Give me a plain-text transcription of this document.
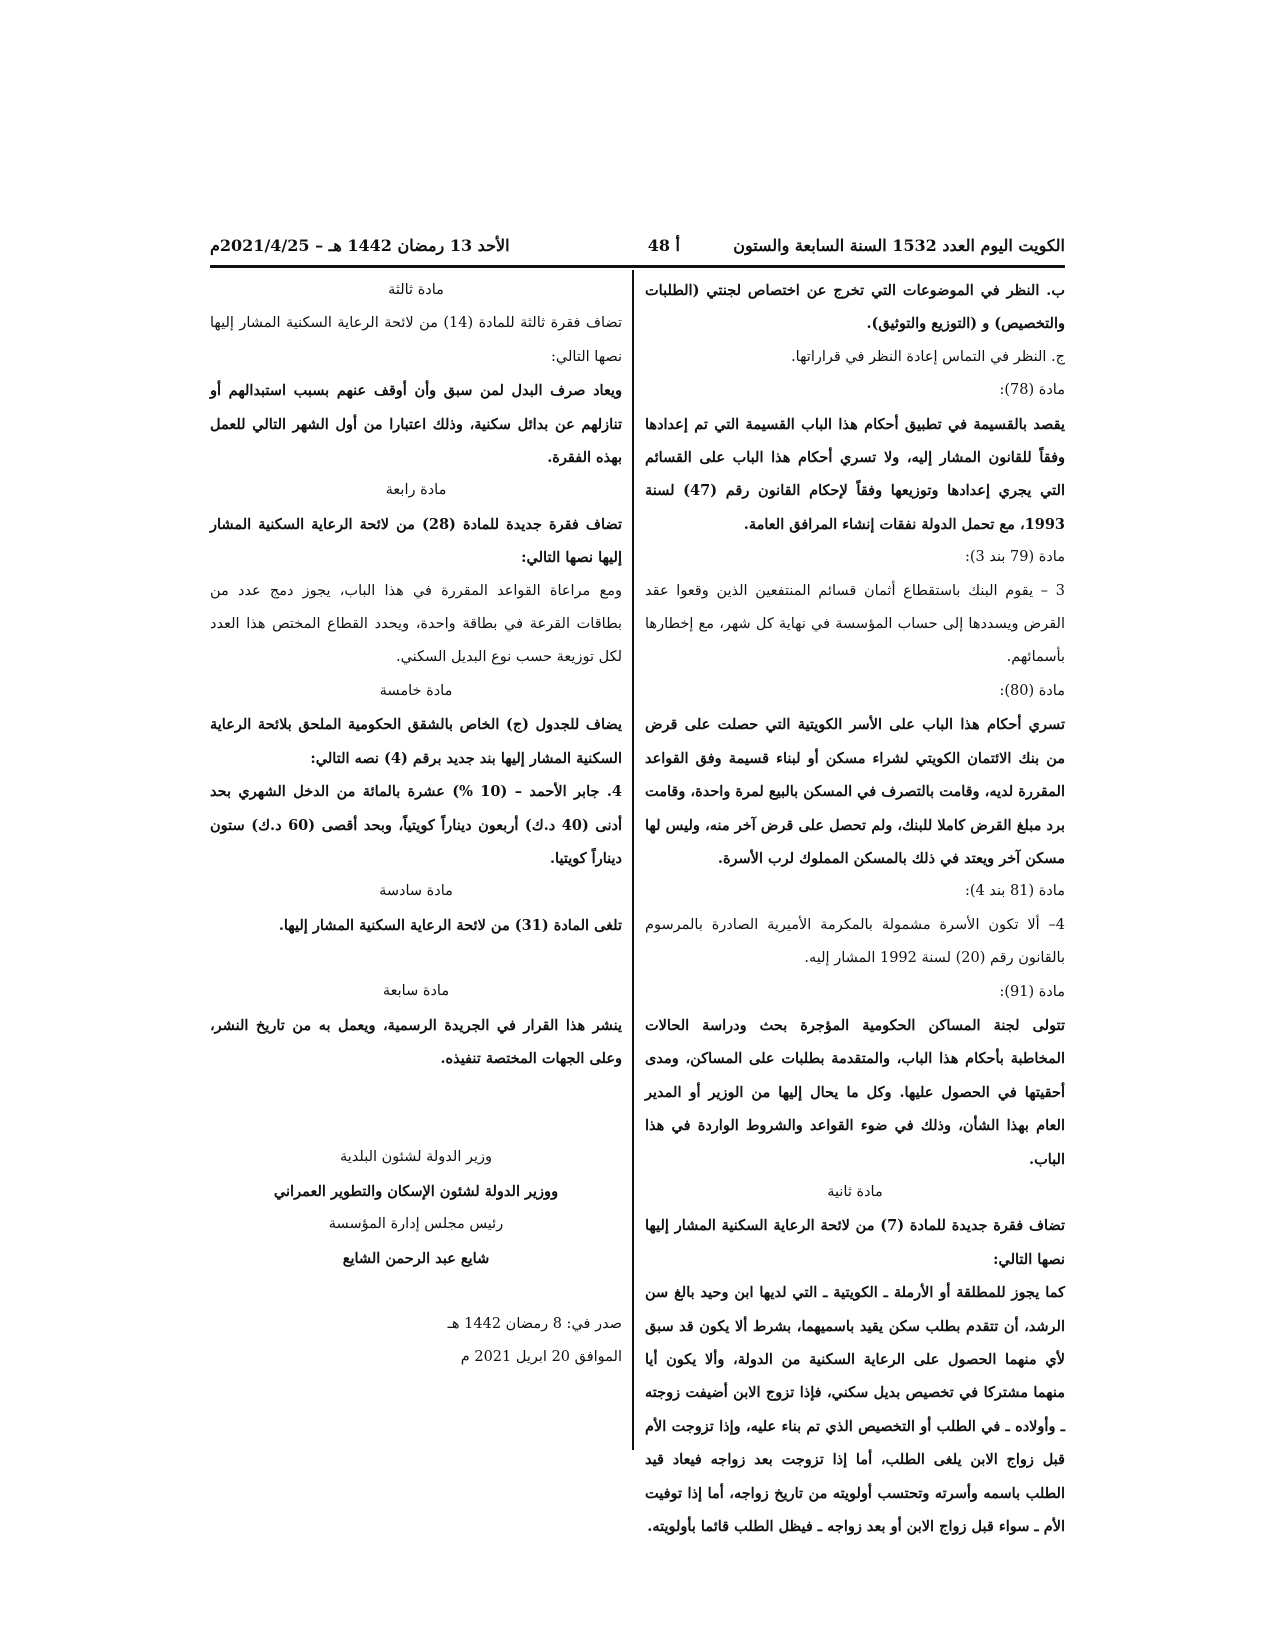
الكويت اليوم العدد 1532 السنة السابعة والستون
أ 48
الأحد 13 رمضان 1442 هـ – 2021/4/25م

ب. النظر في الموضوعات التي تخرج عن اختصاص لجنتي (الطلبات والتخصيص) و (التوزيع والتوثيق).

ج. النظر في التماس إعادة النظر في قراراتها.

مادة (78):

يقصد بالقسيمة في تطبيق أحكام هذا الباب القسيمة التي تم إعدادها وفقاً للقانون المشار إليه، ولا تسري أحكام هذا الباب على القسائم التي يجري إعدادها وتوزيعها وفقاً لإحكام القانون رقم (47) لسنة 1993، مع تحمل الدولة نفقات إنشاء المرافق العامة.

مادة (79 بند 3):

3 – يقوم البنك باستقطاع أثمان قسائم المنتفعين الذين وقعوا عقد القرض ويسددها إلى حساب المؤسسة في نهاية كل شهر، مع إخطارها بأسمائهم.

مادة (80):

تسري أحكام هذا الباب على الأسر الكويتية التي حصلت على قرض من بنك الائتمان الكويتي لشراء مسكن أو لبناء قسيمة وفق القواعد المقررة لديه، وقامت بالتصرف في المسكن بالبيع لمرة واحدة، وقامت برد مبلغ القرض كاملا للبنك، ولم تحصل على قرض آخر منه، وليس لها مسكن آخر ويعتد في ذلك بالمسكن المملوك لرب الأسرة.

مادة (81 بند 4):

4– ألا تكون الأسرة مشمولة بالمكرمة الأميرية الصادرة بالمرسوم بالقانون رقم (20) لسنة 1992 المشار إليه.

مادة (91):

تتولى لجنة المساكن الحكومية المؤجرة بحث ودراسة الحالات المخاطبة بأحكام هذا الباب، والمتقدمة بطلبات على المساكن، ومدى أحقيتها في الحصول عليها. وكل ما يحال إليها من الوزير أو المدير العام بهذا الشأن، وذلك في ضوء القواعد والشروط الواردة في هذا الباب.

مادة ثانية

تضاف فقرة جديدة للمادة (7) من لائحة الرعاية السكنية المشار إليها نصها التالي:

كما يجوز للمطلقة أو الأرملة ـ الكويتية ـ التي لديها ابن وحيد بالغ سن الرشد، أن تتقدم بطلب سكن يقيد باسميهما، بشرط ألا يكون قد سبق لأي منهما الحصول على الرعاية السكنية من الدولة، وألا يكون أيا منهما مشتركا في تخصيص بديل سكني، فإذا تزوج الابن أضيفت زوجته ـ وأولاده ـ في الطلب أو التخصيص الذي تم بناء عليه، وإذا تزوجت الأم قبل زواج الابن يلغى الطلب، أما إذا تزوجت بعد زواجه فيعاد قيد الطلب باسمه وأسرته وتحتسب أولويته من تاريخ زواجه، أما إذا توفيت الأم ـ سواء قبل زواج الابن أو بعد زواجه ـ فيظل الطلب قائما بأولويته.

مادة ثالثة

تضاف فقرة ثالثة للمادة (14) من لائحة الرعاية السكنية المشار إليها نصها التالي:

ويعاد صرف البدل لمن سبق وأن أوقف عنهم بسبب استبدالهم أو تنازلهم عن بدائل سكنية، وذلك اعتبارا من أول الشهر التالي للعمل بهذه الفقرة.

مادة رابعة

تضاف فقرة جديدة للمادة (28) من لائحة الرعاية السكنية المشار إليها نصها التالي:

ومع مراعاة القواعد المقررة في هذا الباب، يجوز دمج عدد من بطاقات القرعة في بطاقة واحدة، ويحدد القطاع المختص هذا العدد لكل توزيعة حسب نوع البديل السكني.

مادة خامسة

يضاف للجدول (ج) الخاص بالشقق الحكومية الملحق بلائحة الرعاية السكنية المشار إليها بند جديد برقم (4) نصه التالي:

4. جابر الأحمد – (10 %) عشرة بالمائة من الدخل الشهري بحد أدنى (40 د.ك) أربعون ديناراً كويتياً، وبحد أقصى (60 د.ك) ستون ديناراً كويتيا.

مادة سادسة

تلغى المادة (31) من لائحة الرعاية السكنية المشار إليها.

مادة سابعة

ينشر هذا القرار في الجريدة الرسمية، ويعمل به من تاريخ النشر، وعلى الجهات المختصة تنفيذه.

وزير الدولة لشئون البلدية

ووزير الدولة لشئون الإسكان والتطوير العمراني

رئيس مجلس إدارة المؤسسة

شايع عبد الرحمن الشايع

صدر في: 8 رمضان 1442 هـ

الموافق 20 ابريل 2021 م
